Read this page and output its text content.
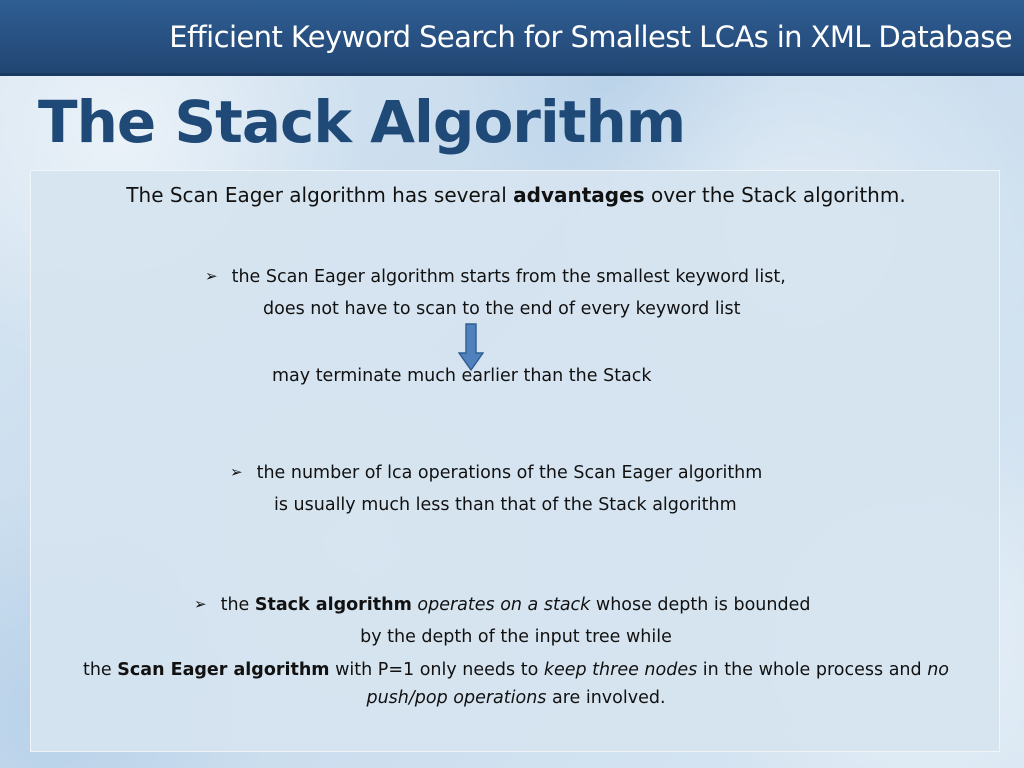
Efficient Keyword Search for Smallest LCAs in XML Database
The Stack Algorithm
The Scan Eager algorithm has several advantages over the Stack algorithm.
➢ the Scan Eager algorithm starts from the smallest keyword list,
does not have to scan to the end of every keyword list
may terminate much earlier than the Stack
➢ the number of lca operations of the Scan Eager algorithm
is usually much less than that of the Stack algorithm
➢ the Stack algorithm operates on a stack whose depth is bounded
by the depth of the input tree while
the Scan Eager algorithm with P=1 only needs to keep three nodes in the whole process and no
push/pop operations are involved.
